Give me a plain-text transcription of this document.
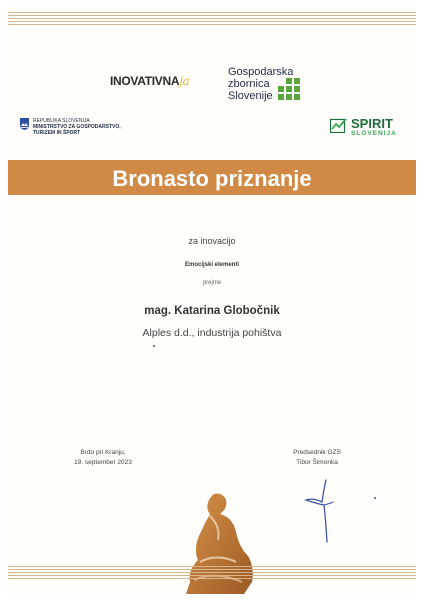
INOVATIVNAja
Gospodarska
zbornica
Slovenije
REPUBLIKA SLOVENIJA
MINISTRSTVO ZA GOSPODARSTVO,
TURIZEM IN ŠPORT
SPIRIT
SLOVENIJA
Bronasto priznanje
za inovacijo
Emocijski elementi
prejme
mag. Katarina Globočnik
Alples d.d., industrija pohištva
Brdo pri Kranju,
19. september 2023
Predsednik GZS
Tibor Šimonka
